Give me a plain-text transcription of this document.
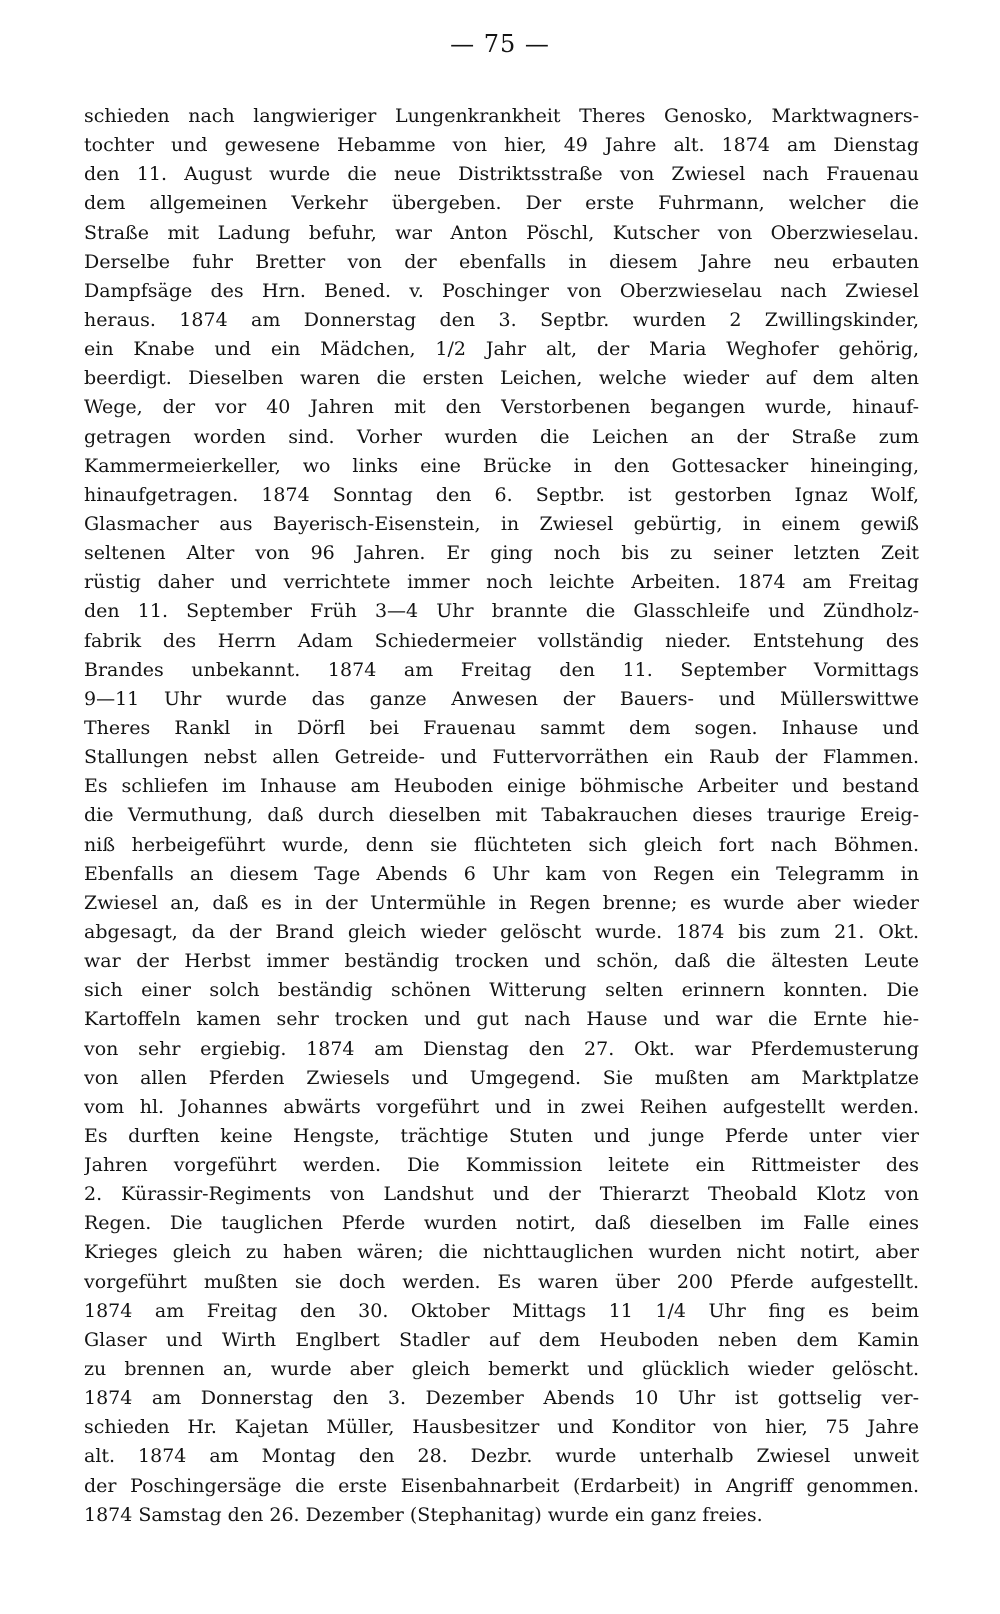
— 75 —
schieden nach langwieriger Lungenkrankheit Theres Genosko, Marktwagners-
tochter und gewesene Hebamme von hier, 49 Jahre alt. 1874 am Dienstag
den 11. August wurde die neue Distriktsstraße von Zwiesel nach Frauenau
dem allgemeinen Verkehr übergeben. Der erste Fuhrmann, welcher die
Straße mit Ladung befuhr, war Anton Pöschl, Kutscher von Oberzwieselau.
Derselbe fuhr Bretter von der ebenfalls in diesem Jahre neu erbauten
Dampfsäge des Hrn. Bened. v. Poschinger von Oberzwieselau nach Zwiesel
heraus. 1874 am Donnerstag den 3. Septbr. wurden 2 Zwillingskinder,
ein Knabe und ein Mädchen, 1/2 Jahr alt, der Maria Weghofer gehörig,
beerdigt. Dieselben waren die ersten Leichen, welche wieder auf dem alten
Wege, der vor 40 Jahren mit den Verstorbenen begangen wurde, hinauf-
getragen worden sind. Vorher wurden die Leichen an der Straße zum
Kammermeierkeller, wo links eine Brücke in den Gottesacker hineinging,
hinaufgetragen. 1874 Sonntag den 6. Septbr. ist gestorben Ignaz Wolf,
Glasmacher aus Bayerisch-Eisenstein, in Zwiesel gebürtig, in einem gewiß
seltenen Alter von 96 Jahren. Er ging noch bis zu seiner letzten Zeit
rüstig daher und verrichtete immer noch leichte Arbeiten. 1874 am Freitag
den 11. September Früh 3—4 Uhr brannte die Glasschleife und Zündholz-
fabrik des Herrn Adam Schiedermeier vollständig nieder. Entstehung des
Brandes unbekannt. 1874 am Freitag den 11. September Vormittags
9—11 Uhr wurde das ganze Anwesen der Bauers- und Müllerswittwe
Theres Rankl in Dörfl bei Frauenau sammt dem sogen. Inhause und
Stallungen nebst allen Getreide- und Futtervorräthen ein Raub der Flammen.
Es schliefen im Inhause am Heuboden einige böhmische Arbeiter und bestand
die Vermuthung, daß durch dieselben mit Tabakrauchen dieses traurige Ereig-
niß herbeigeführt wurde, denn sie flüchteten sich gleich fort nach Böhmen.
Ebenfalls an diesem Tage Abends 6 Uhr kam von Regen ein Telegramm in
Zwiesel an, daß es in der Untermühle in Regen brenne; es wurde aber wieder
abgesagt, da der Brand gleich wieder gelöscht wurde. 1874 bis zum 21. Okt.
war der Herbst immer beständig trocken und schön, daß die ältesten Leute
sich einer solch beständig schönen Witterung selten erinnern konnten. Die
Kartoffeln kamen sehr trocken und gut nach Hause und war die Ernte hie-
von sehr ergiebig. 1874 am Dienstag den 27. Okt. war Pferdemusterung
von allen Pferden Zwiesels und Umgegend. Sie mußten am Marktplatze
vom hl. Johannes abwärts vorgeführt und in zwei Reihen aufgestellt werden.
Es durften keine Hengste, trächtige Stuten und junge Pferde unter vier
Jahren vorgeführt werden. Die Kommission leitete ein Rittmeister des
2. Kürassir-Regiments von Landshut und der Thierarzt Theobald Klotz von
Regen. Die tauglichen Pferde wurden notirt, daß dieselben im Falle eines
Krieges gleich zu haben wären; die nichttauglichen wurden nicht notirt, aber
vorgeführt mußten sie doch werden. Es waren über 200 Pferde aufgestellt.
1874 am Freitag den 30. Oktober Mittags 11 1/4 Uhr fing es beim
Glaser und Wirth Englbert Stadler auf dem Heuboden neben dem Kamin
zu brennen an, wurde aber gleich bemerkt und glücklich wieder gelöscht.
1874 am Donnerstag den 3. Dezember Abends 10 Uhr ist gottselig ver-
schieden Hr. Kajetan Müller, Hausbesitzer und Konditor von hier, 75 Jahre
alt. 1874 am Montag den 28. Dezbr. wurde unterhalb Zwiesel unweit
der Poschingersäge die erste Eisenbahnarbeit (Erdarbeit) in Angriff genommen.
1874 Samstag den 26. Dezember (Stephanitag) wurde ein ganz freies.
